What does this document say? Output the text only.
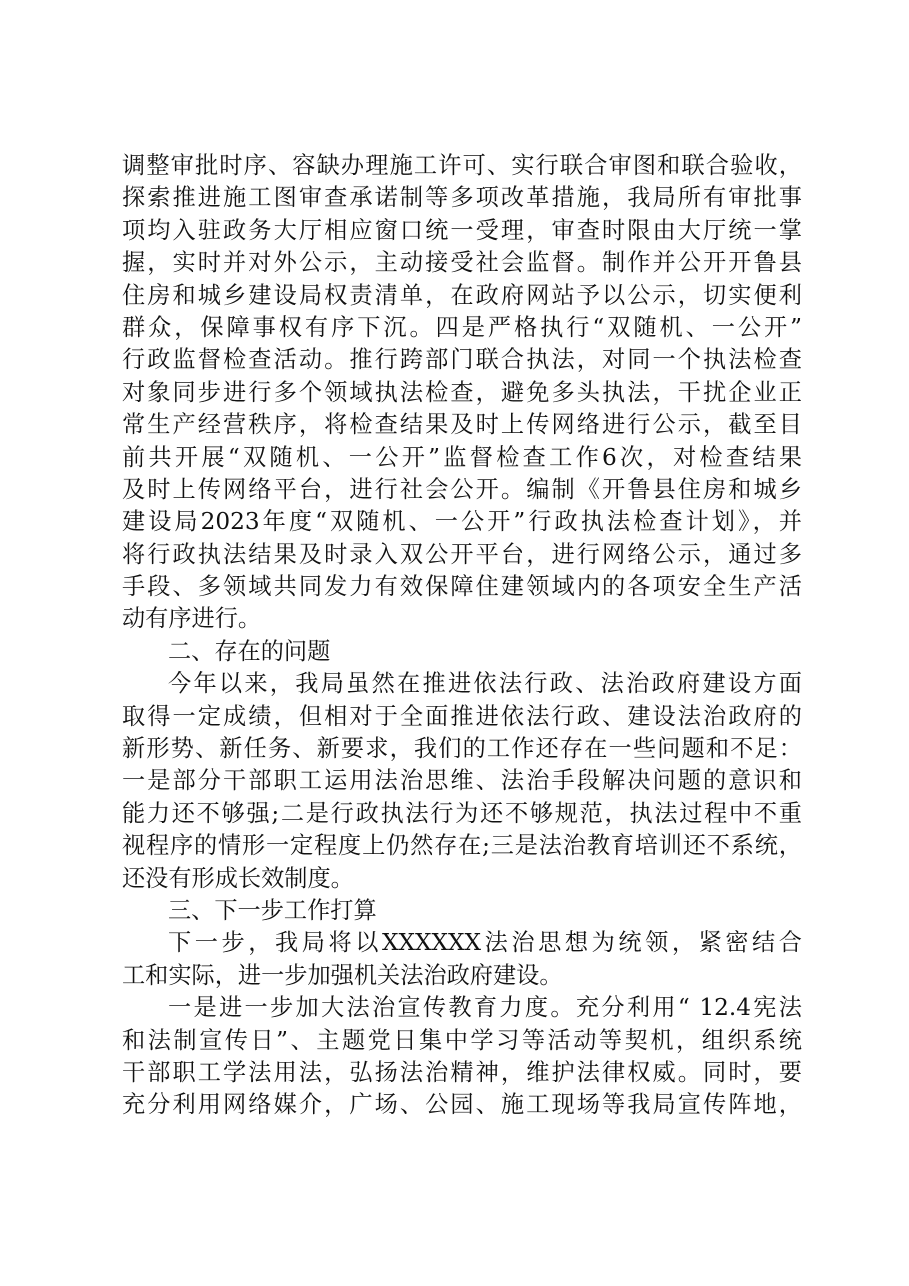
调整审批时序、容缺办理施工许可、实行联合审图和联合验收，
探索推进施工图审查承诺制等多项改革措施，我局所有审批事
项均入驻政务大厅相应窗口统一受理，审查时限由大厅统一掌
握，实时并对外公示，主动接受社会监督。制作并公开开鲁县
住房和城乡建设局权责清单，在政府网站予以公示，切实便利
群众，保障事权有序下沉。四是严格执行“双随机、一公开”
行政监督检查活动。推行跨部门联合执法，对同一个执法检查
对象同步进行多个领域执法检查，避免多头执法，干扰企业正
常生产经营秩序，将检查结果及时上传网络进行公示，截至目
前共开展“双随机、一公开”监督检查工作6次，对检查结果
及时上传网络平台，进行社会公开。编制《开鲁县住房和城乡
建设局2023年度“双随机、一公开”行政执法检查计划》，并
将行政执法结果及时录入双公开平台，进行网络公示，通过多
手段、多领域共同发力有效保障住建领域内的各项安全生产活
动有序进行。
二、存在的问题
今年以来，我局虽然在推进依法行政、法治政府建设方面
取得一定成绩，但相对于全面推进依法行政、建设法治政府的
新形势、新任务、新要求，我们的工作还存在一些问题和不足：
一是部分干部职工运用法治思维、法治手段解决问题的意识和
能力还不够强;二是行政执法行为还不够规范，执法过程中不重
视程序的情形一定程度上仍然存在;三是法治教育培训还不系统，
还没有形成长效制度。
三、下一步工作打算
下一步，我局将以XXXXXX法治思想为统领，紧密结合
工和实际，进一步加强机关法治政府建设。
一是进一步加大法治宣传教育力度。充分利用“ 12.4宪法
和法制宣传日”、主题党日集中学习等活动等契机，组织系统
干部职工学法用法，弘扬法治精神，维护法律权威。同时，要
充分利用网络媒介，广场、公园、施工现场等我局宣传阵地，
